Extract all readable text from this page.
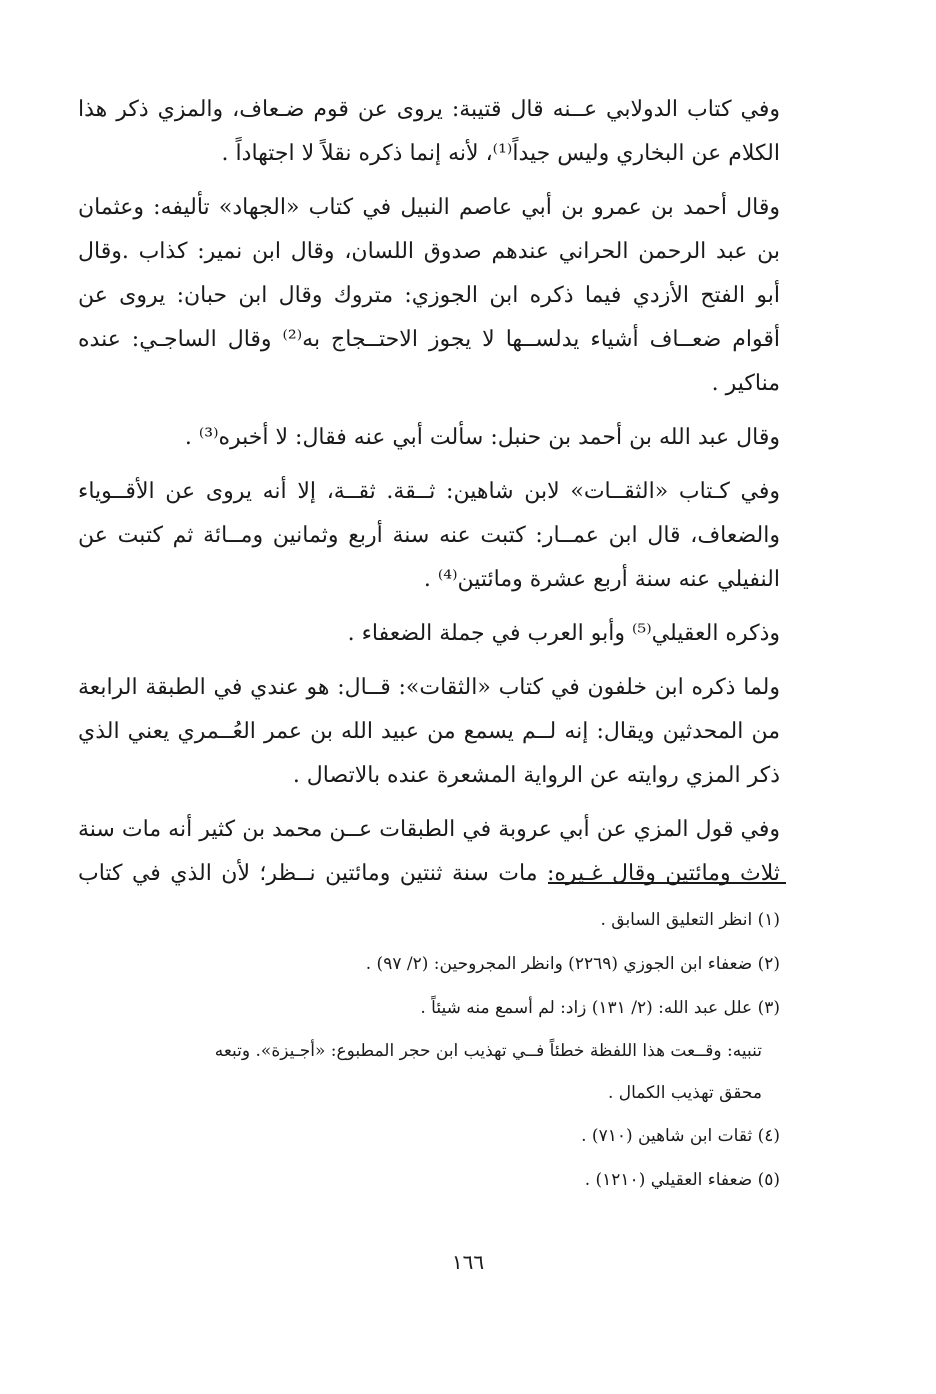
وفي كتاب الدولابي عــنه قال قتيبة: يروى عن قوم ضـعاف، والمزي ذكر هذا
الكلام عن البخاري وليس جيداً⁽¹⁾، لأنه إنما ذكره نقلاً لا اجتهاداً .

وقال أحمد بن عمرو بن أبي عاصم النبيل في كتاب «الجهاد» تأليفه: وعثمان
بن عبد الرحمن الحراني عندهم صدوق اللسان، وقال ابن نمير: كذاب .وقال
أبو الفتح الأزدي فيما ذكره ابن الجوزي: متروك وقال ابن حبان: يروى عن
أقوام ضعــاف أشياء يدلســها لا يجوز الاحتــجاج به⁽²⁾ وقال الساجـي: عنده
مناكير .

وقال عبد الله بن أحمد بن حنبل: سألت أبي عنه فقال: لا أخبره⁽³⁾ .

وفي كـتاب «الثقــات» لابن شاهين: ثــقة. ثقــة، إلا أنه يروى عن الأقــوياء
والضعاف، قال ابن عمــار: كتبت عنه سنة أربع وثمانين ومــائة ثم كتبت عن
النفيلي عنه سنة أربع عشرة ومائتين⁽⁴⁾ .

وذكره العقيلي⁽⁵⁾ وأبو العرب في جملة الضعفاء .

ولما ذكره ابن خلفون في كتاب «الثقات»: قــال: هو عندي في الطبقة الرابعة
من المحدثين ويقال: إنه لــم يسمع من عبيد الله بن عمر العُــمري يعني الذي
ذكر المزي روايته عن الرواية المشعرة عنده بالاتصال .

وفي قول المزي عن أبي عروبة في الطبقات عــن محمد بن كثير أنه مات سنة
ثلاث ومائتين وقال غـيره: مات سنة ثنتين ومائتين نــظر؛ لأن الذي في كتاب

(١) انظر التعليق السابق .
(٢) ضعفاء ابن الجوزي (٢٢٦٩) وانظر المجروحين: (٢/ ٩٧) .
(٣) علل عبد الله: (٢/ ١٣١) زاد: لم أسمع منه شيئاً .
تنبيه: وقــعت هذا اللفظة خطئاً فــي تهذيب ابن حجر المطبوع: «أجـيزة». وتبعه
محقق تهذيب الكمال .
(٤) ثقات ابن شاهين (٧١٠) .
(٥) ضعفاء العقيلي (١٢١٠) .
١٦٦
